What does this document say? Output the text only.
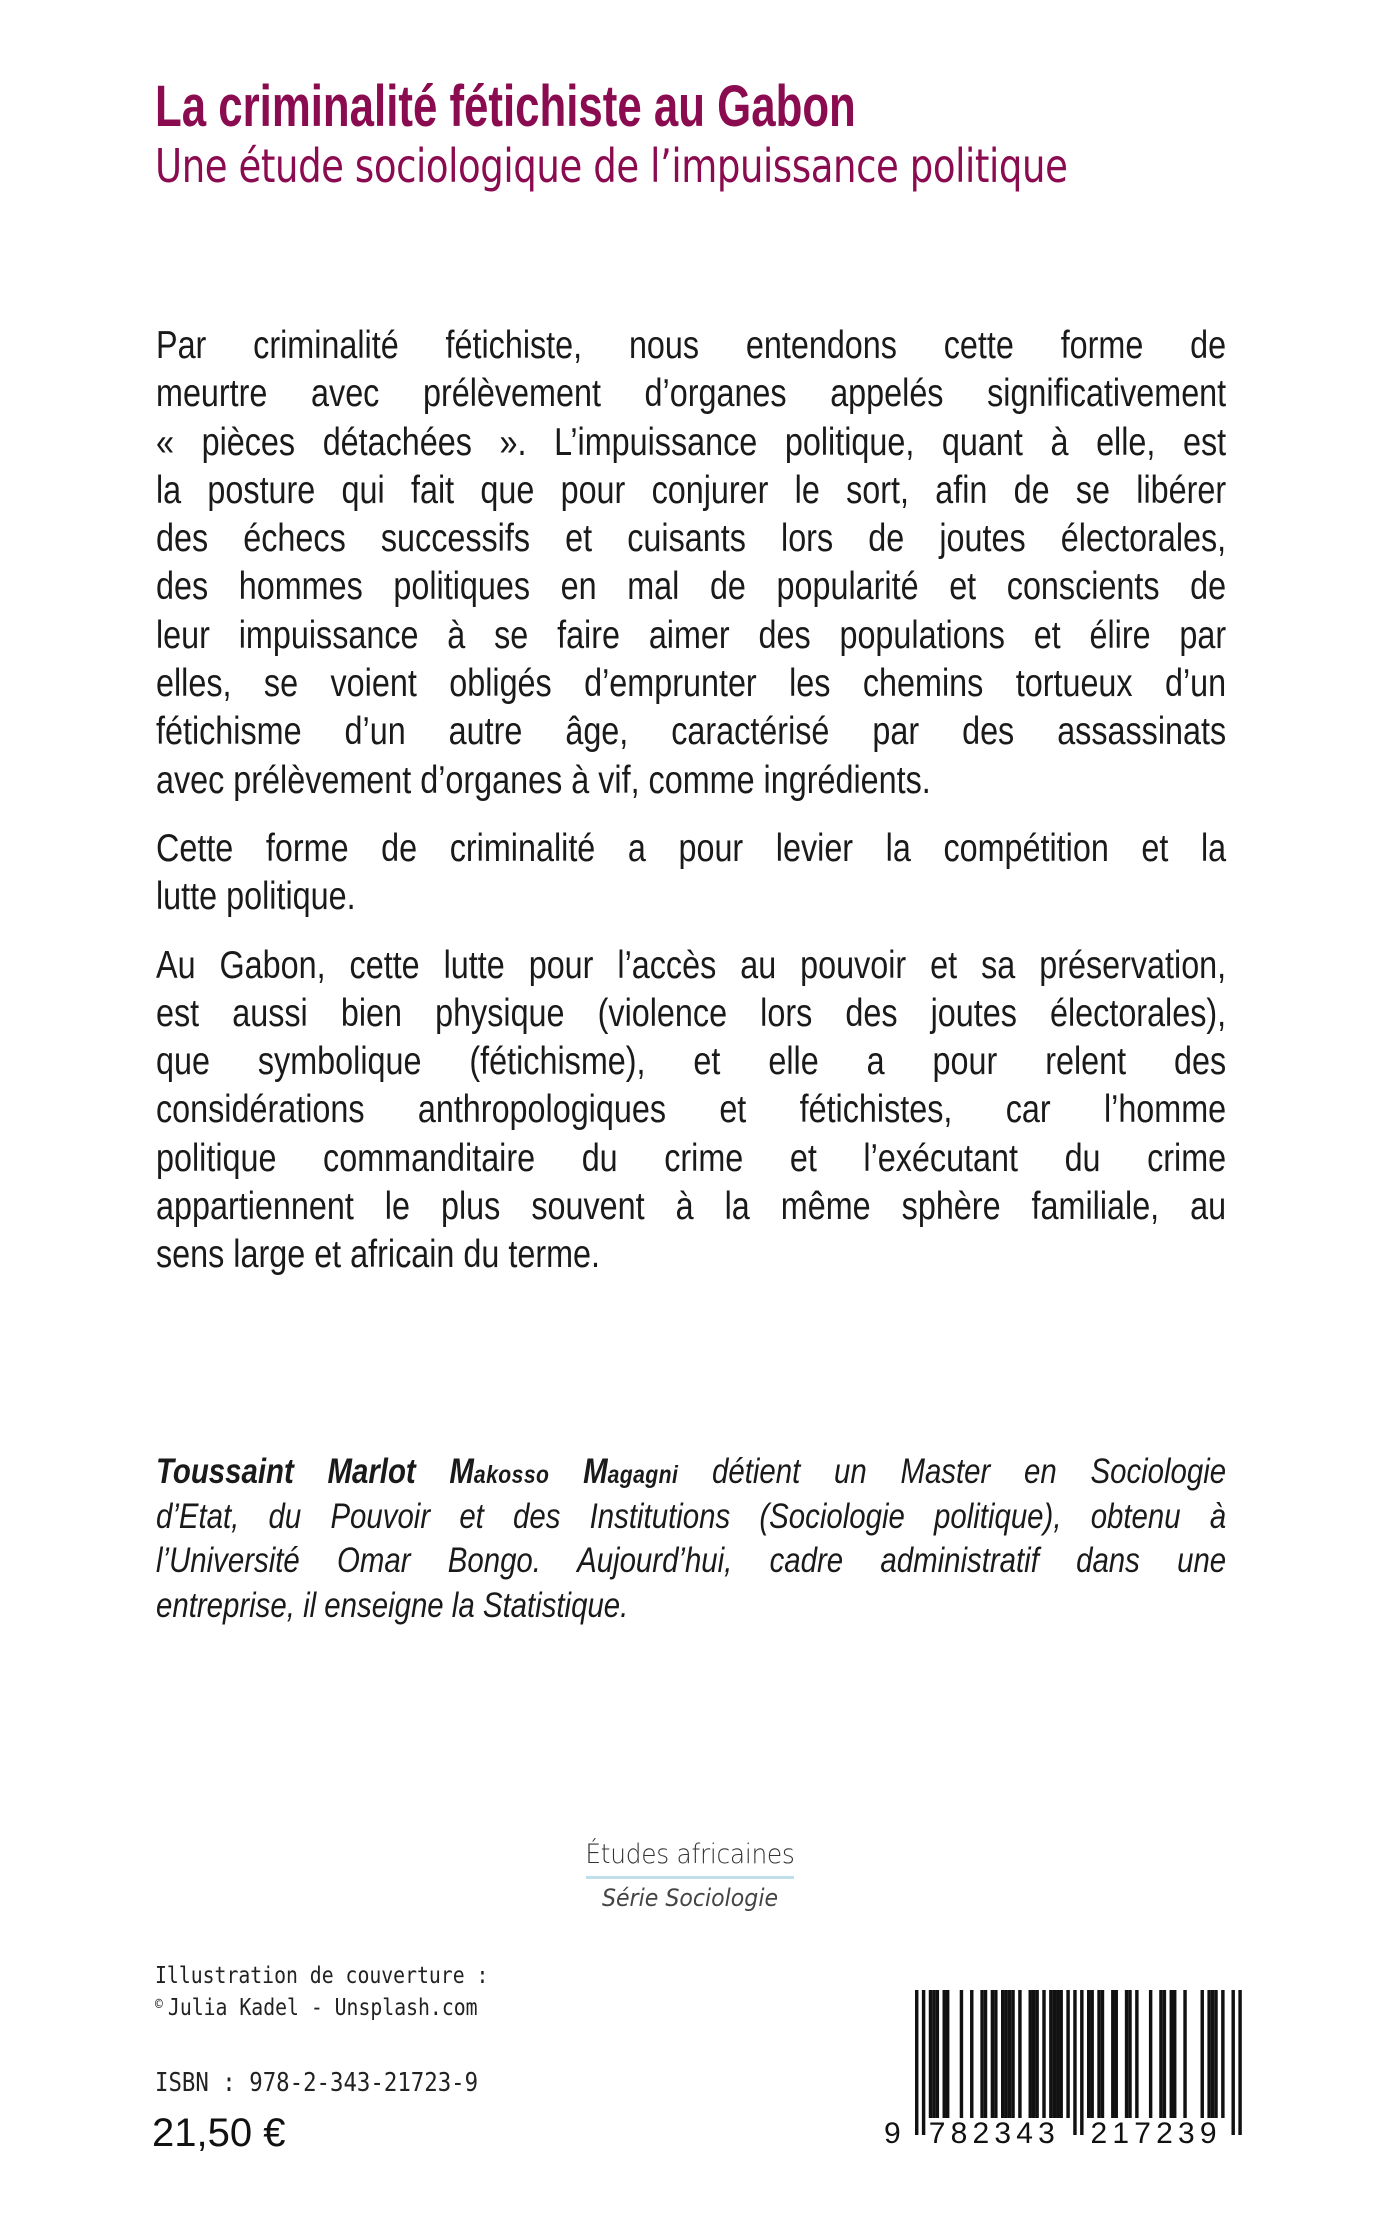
La criminalité fétichiste au Gabon
Une étude sociologique de l’impuissance politique
Par criminalité fétichiste, nous entendons cette forme de
meurtre avec prélèvement d’organes appelés significativement
« pièces détachées ». L’impuissance politique, quant à elle, est
la posture qui fait que pour conjurer le sort, afin de se libérer
des échecs successifs et cuisants lors de joutes électorales,
des hommes politiques en mal de popularité et conscients de
leur impuissance à se faire aimer des populations et élire par
elles, se voient obligés d’emprunter les chemins tortueux d’un
fétichisme d’un autre âge, caractérisé par des assassinats
avec prélèvement d’organes à vif, comme ingrédients.
Cette forme de criminalité a pour levier la compétition et la
lutte politique.
Au Gabon, cette lutte pour l’accès au pouvoir et sa préservation,
est aussi bien physique (violence lors des joutes électorales),
que symbolique (fétichisme), et elle a pour relent des
considérations anthropologiques et fétichistes, car l’homme
politique commanditaire du crime et l’exécutant du crime
appartiennent le plus souvent à la même sphère familiale, au
sens large et africain du terme.
Toussaint Marlot Makosso Magagni détient un Master en Sociologie
d’Etat, du Pouvoir et des Institutions (Sociologie politique), obtenu à
l’Université Omar Bongo. Aujourd’hui, cadre administratif dans une
entreprise, il enseigne la Statistique.
Études africaines
Série Sociologie
Illustration de couverture :
© Julia Kadel - Unsplash.com
ISBN : 978-2-343-21723-9
21,50 €	9 782343 217239
